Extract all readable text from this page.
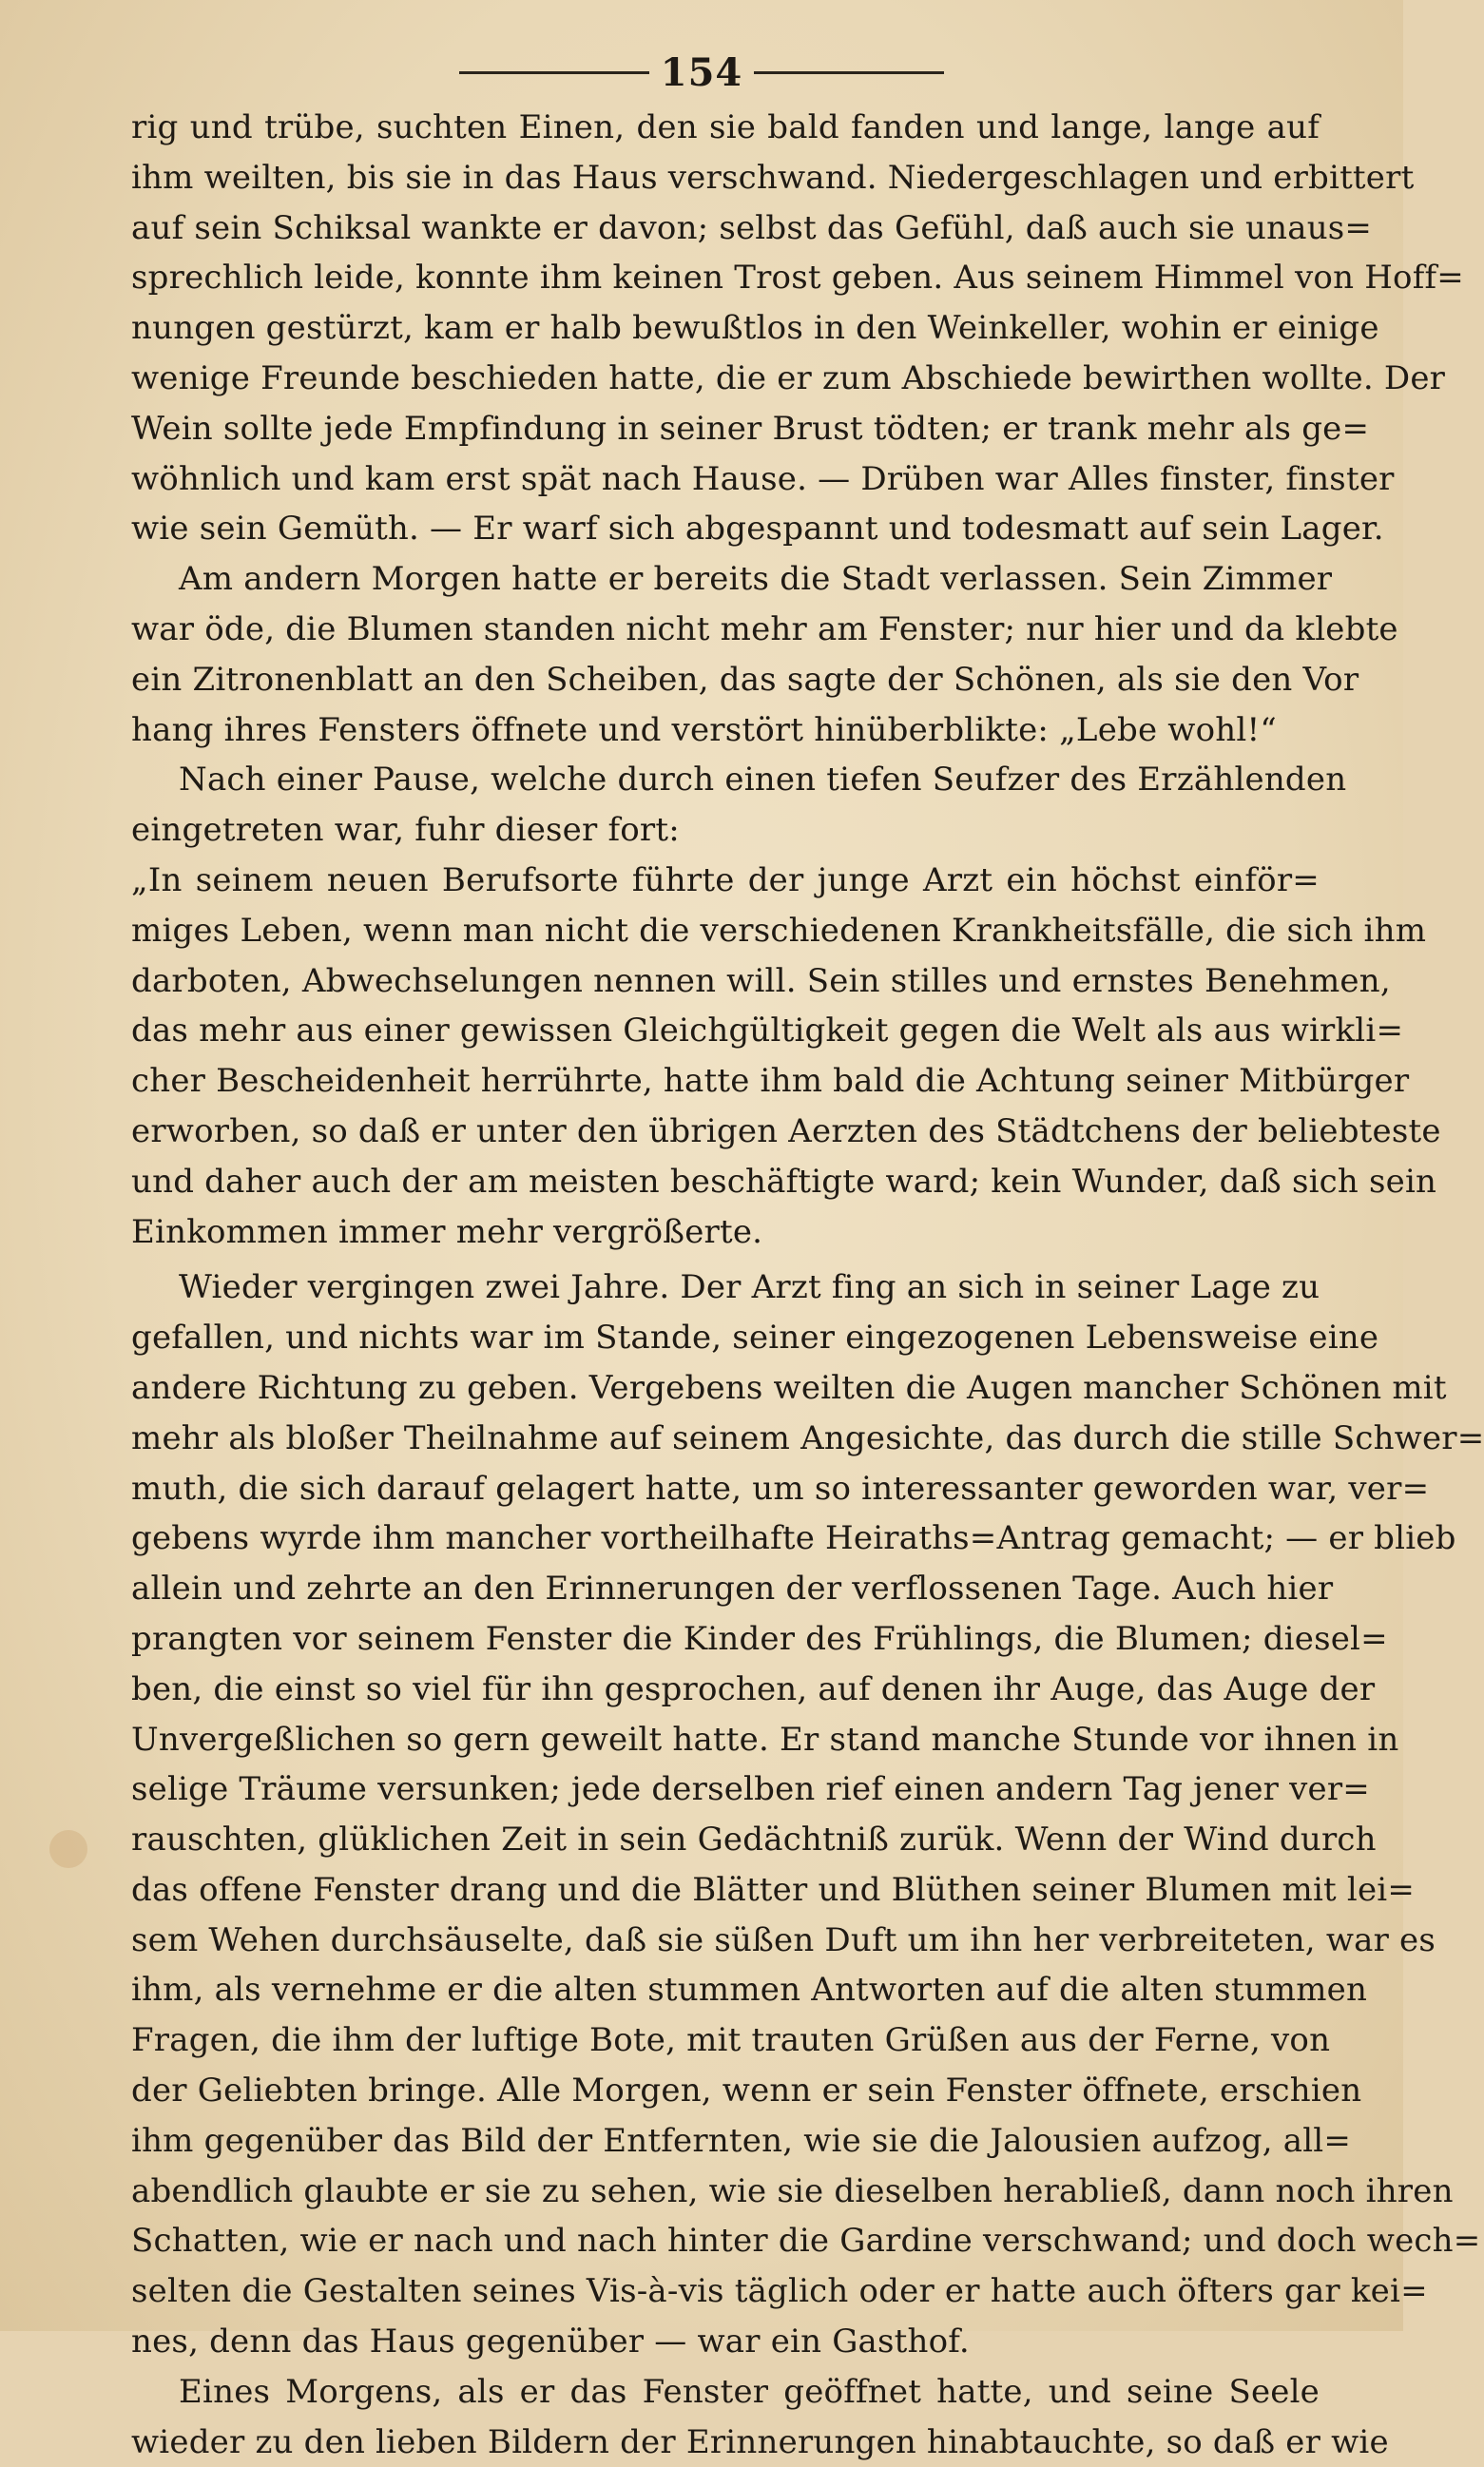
154
rig und trübe, suchten Einen, den sie bald fanden und lange, lange auf
ihm weilten, bis sie in das Haus verschwand. Niedergeschlagen und erbittert
auf sein Schiksal wankte er davon; selbst das Gefühl, daß auch sie unaus=
sprechlich leide, konnte ihm keinen Trost geben. Aus seinem Himmel von Hoff=
nungen gestürzt, kam er halb bewußtlos in den Weinkeller, wohin er einige
wenige Freunde beschieden hatte, die er zum Abschiede bewirthen wollte. Der
Wein sollte jede Empfindung in seiner Brust tödten; er trank mehr als ge=
wöhnlich und kam erst spät nach Hause. — Drüben war Alles finster, finster
wie sein Gemüth. — Er warf sich abgespannt und todesmatt auf sein Lager.
Am andern Morgen hatte er bereits die Stadt verlassen. Sein Zimmer
war öde, die Blumen standen nicht mehr am Fenster; nur hier und da klebte
ein Zitronenblatt an den Scheiben, das sagte der Schönen, als sie den Vor
hang ihres Fensters öffnete und verstört hinüberblikte: „Lebe wohl!“
Nach einer Pause, welche durch einen tiefen Seufzer des Erzählenden
eingetreten war, fuhr dieser fort:
„In seinem neuen Berufsorte führte der junge Arzt ein höchst einför=
miges Leben, wenn man nicht die verschiedenen Krankheitsfälle, die sich ihm
darboten, Abwechselungen nennen will. Sein stilles und ernstes Benehmen,
das mehr aus einer gewissen Gleichgültigkeit gegen die Welt als aus wirkli=
cher Bescheidenheit herrührte, hatte ihm bald die Achtung seiner Mitbürger
erworben, so daß er unter den übrigen Aerzten des Städtchens der beliebteste
und daher auch der am meisten beschäftigte ward; kein Wunder, daß sich sein
Einkommen immer mehr vergrößerte.
Wieder vergingen zwei Jahre. Der Arzt fing an sich in seiner Lage zu
gefallen, und nichts war im Stande, seiner eingezogenen Lebensweise eine
andere Richtung zu geben. Vergebens weilten die Augen mancher Schönen mit
mehr als bloßer Theilnahme auf seinem Angesichte, das durch die stille Schwer=
muth, die sich darauf gelagert hatte, um so interessanter geworden war, ver=
gebens wyrde ihm mancher vortheilhafte Heiraths=Antrag gemacht; — er blieb
allein und zehrte an den Erinnerungen der verflossenen Tage. Auch hier
prangten vor seinem Fenster die Kinder des Frühlings, die Blumen; diesel=
ben, die einst so viel für ihn gesprochen, auf denen ihr Auge, das Auge der
Unvergeßlichen so gern geweilt hatte. Er stand manche Stunde vor ihnen in
selige Träume versunken; jede derselben rief einen andern Tag jener ver=
rauschten, glüklichen Zeit in sein Gedächtniß zurük. Wenn der Wind durch
das offene Fenster drang und die Blätter und Blüthen seiner Blumen mit lei=
sem Wehen durchsäuselte, daß sie süßen Duft um ihn her verbreiteten, war es
ihm, als vernehme er die alten stummen Antworten auf die alten stummen
Fragen, die ihm der luftige Bote, mit trauten Grüßen aus der Ferne, von
der Geliebten bringe. Alle Morgen, wenn er sein Fenster öffnete, erschien
ihm gegenüber das Bild der Entfernten, wie sie die Jalousien aufzog, all=
abendlich glaubte er sie zu sehen, wie sie dieselben herabließ, dann noch ihren
Schatten, wie er nach und nach hinter die Gardine verschwand; und doch wech=
selten die Gestalten seines Vis-à-vis täglich oder er hatte auch öfters gar kei=
nes, denn das Haus gegenüber — war ein Gasthof.
Eines Morgens, als er das Fenster geöffnet hatte, und seine Seele
wieder zu den lieben Bildern der Erinnerungen hinabtauchte, so daß er wie
